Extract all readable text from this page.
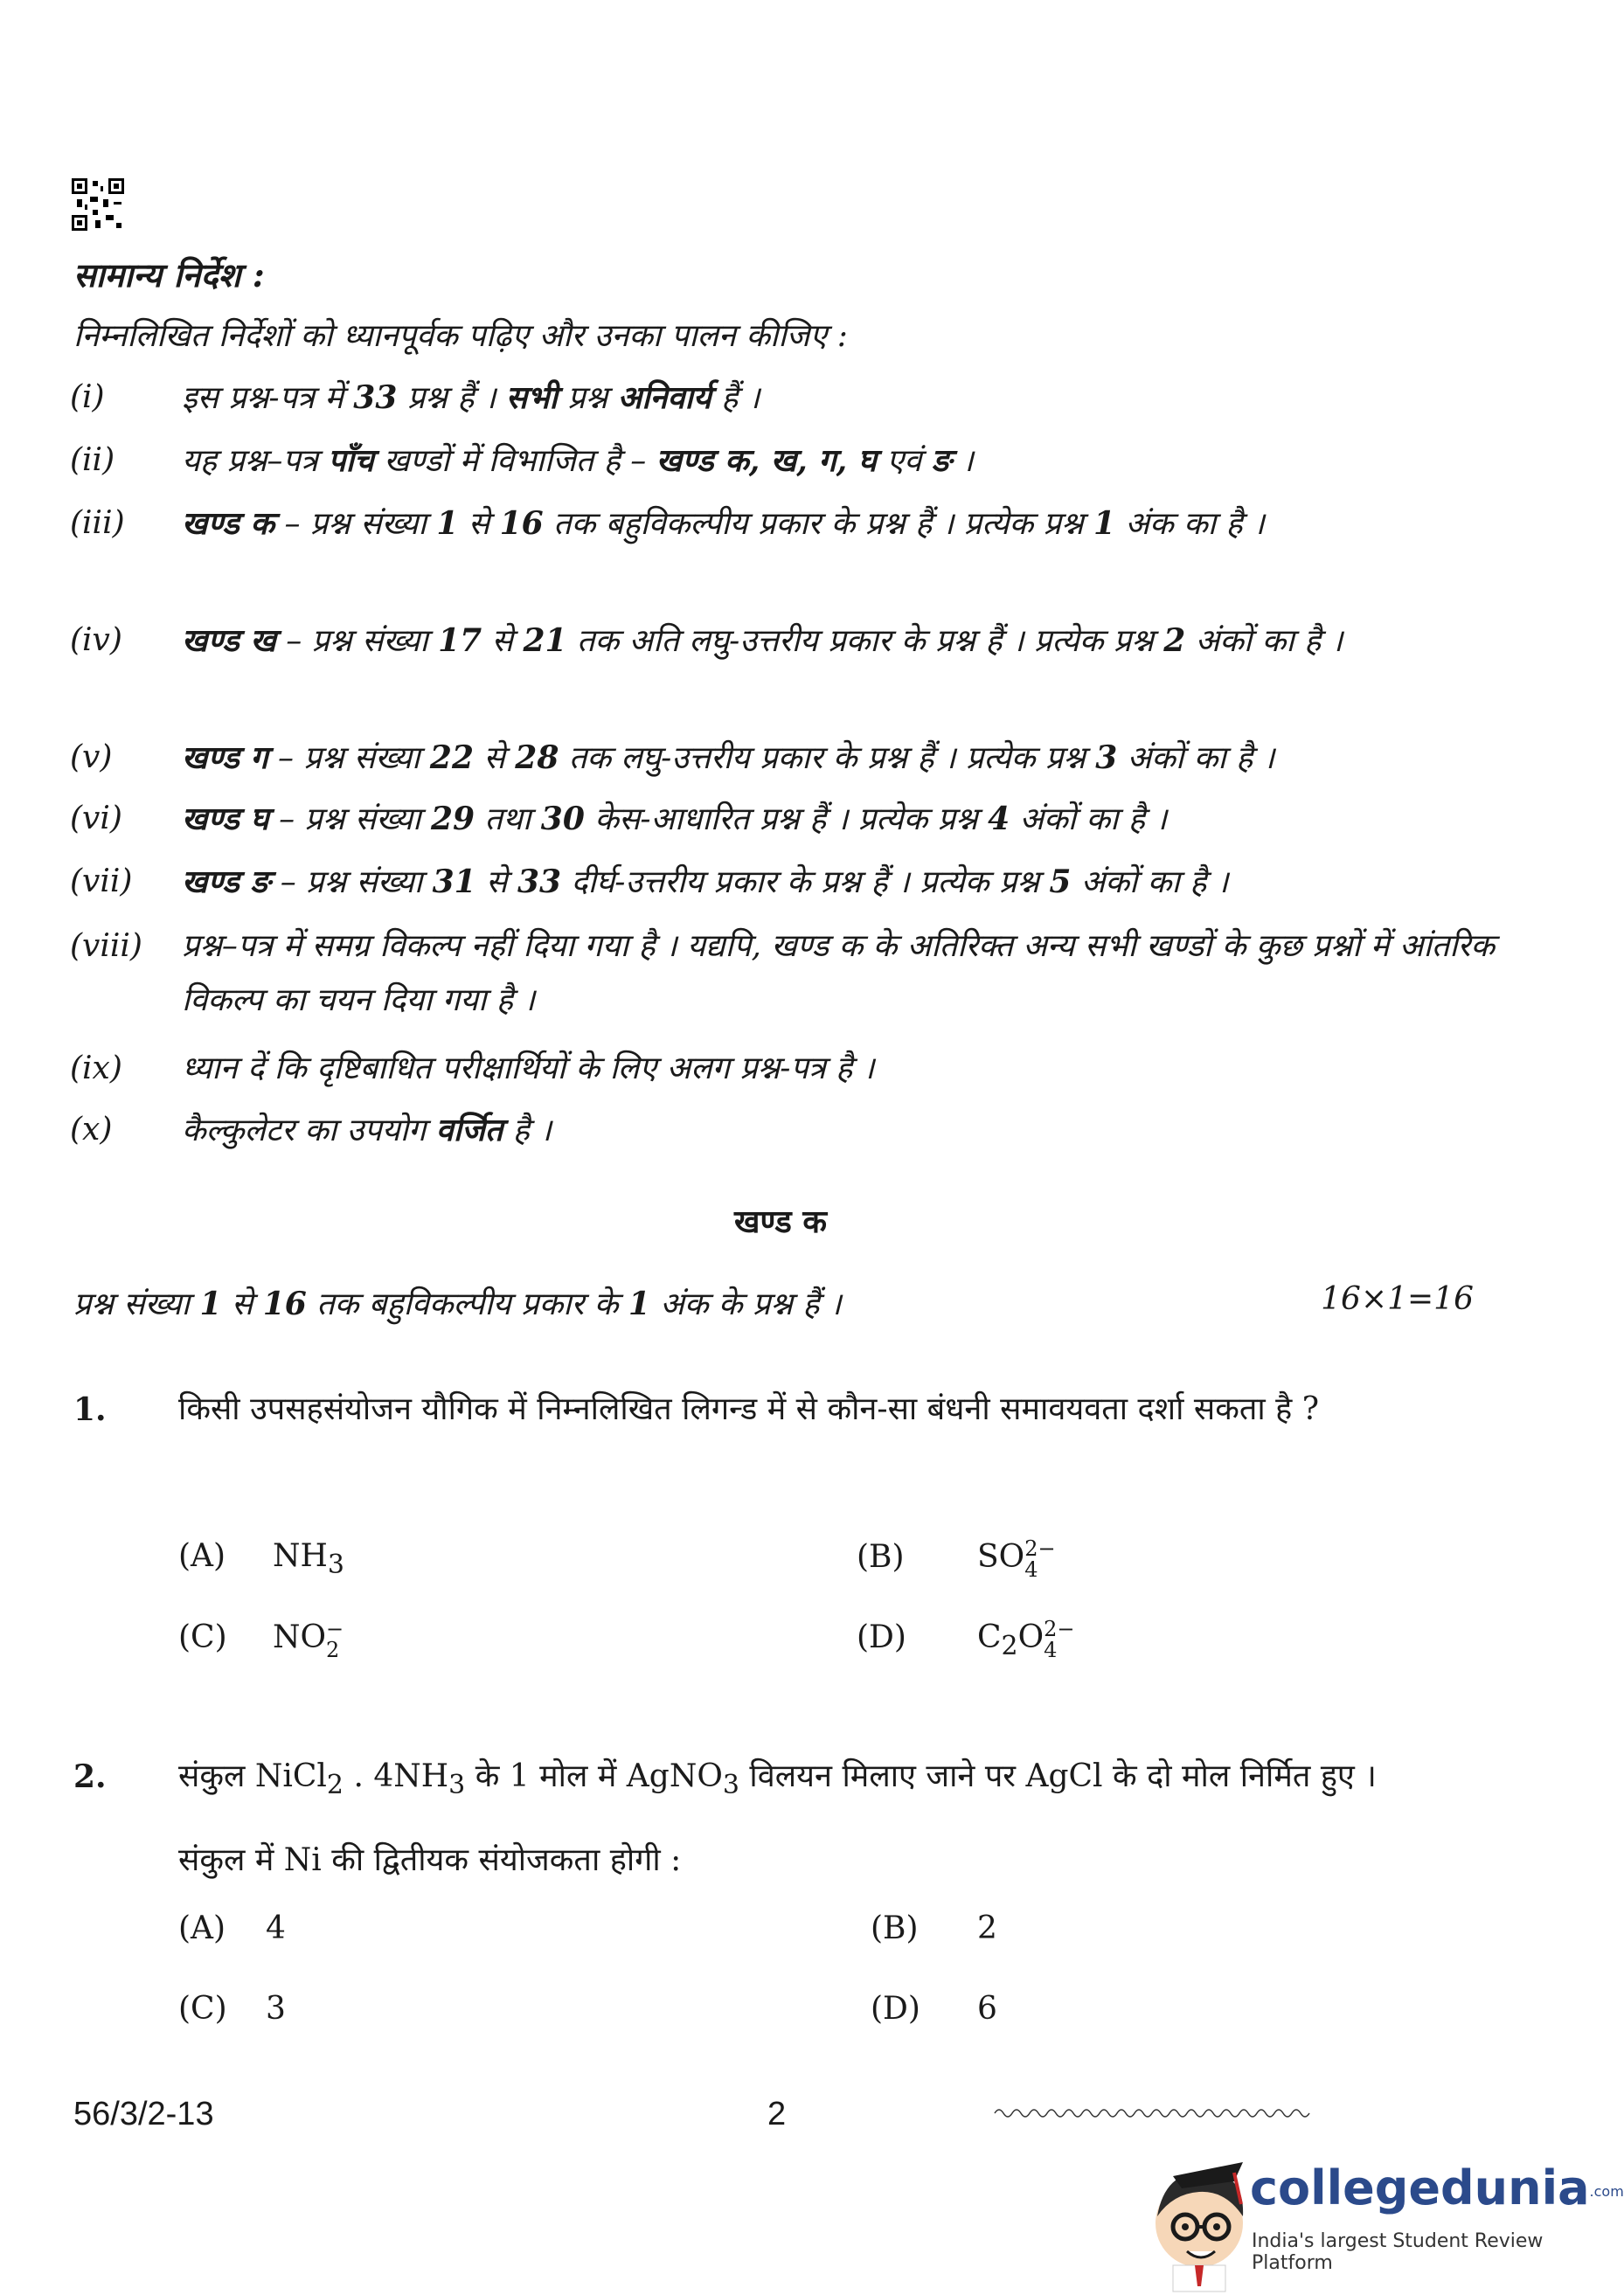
सामान्य निर्देश :
निम्नलिखित निर्देशों को ध्यानपूर्वक पढ़िए और उनका पालन कीजिए :
(i)	इस प्रश्न-पत्र में 33 प्रश्न हैं । सभी प्रश्न अनिवार्य हैं ।
(ii)	यह प्रश्न–पत्र पाँच खण्डों में विभाजित है – खण्ड क, ख, ग, घ एवं ङ ।
(iii)	खण्ड क – प्रश्न संख्या 1 से 16 तक बहुविकल्पीय प्रकार के प्रश्न हैं । प्रत्येक प्रश्न 1 अंक का है ।
(iv)	खण्ड ख – प्रश्न संख्या 17 से 21 तक अति लघु-उत्तरीय प्रकार के प्रश्न हैं । प्रत्येक प्रश्न 2 अंकों का है ।
(v)	खण्ड ग – प्रश्न संख्या 22 से 28 तक लघु-उत्तरीय प्रकार के प्रश्न हैं । प्रत्येक प्रश्न 3 अंकों का है ।
(vi)	खण्ड घ – प्रश्न संख्या 29 तथा 30 केस-आधारित प्रश्न हैं । प्रत्येक प्रश्न 4 अंकों का है ।
(vii)	खण्ड ङ – प्रश्न संख्या 31 से 33 दीर्घ-उत्तरीय प्रकार के प्रश्न हैं । प्रत्येक प्रश्न 5 अंकों का है ।
(viii)	प्रश्न–पत्र में समग्र विकल्प नहीं दिया गया है । यद्यपि, खण्ड क के अतिरिक्त अन्य सभी खण्डों के कुछ प्रश्नों में आंतरिक विकल्प का चयन दिया गया है ।
(ix)	ध्यान दें कि दृष्टिबाधित परीक्षार्थियों के लिए अलग प्रश्न-पत्र है ।
(x)	कैल्कुलेटर का उपयोग वर्जित है ।
खण्ड क
प्रश्न संख्या 1 से 16 तक बहुविकल्पीय प्रकार के 1 अंक के प्रश्न हैं ।	16×1=16
1. किसी उपसहसंयोजन यौगिक में निम्नलिखित लिगन्ड में से कौन-सा बंधनी समावयवता दर्शा सकता है ?
(A) $NH_3$	(B) SO 2−
4
(C) NO −
2	(D) $C_2O$ 2−
4
2. संकुल NiCl$_2$ . $4NH_3$ के 1 मोल में AgNO$_3$ विलयन मिलाए जाने पर AgCl के दो मोल निर्मित हुए । संकुल में Ni की द्वितीयक संयोजकता होगी :
(A) 4	(B) 2
(C) 3	(D) 6
56/3/2-13	2
collegedunia.com
India's largest Student Review Platform
